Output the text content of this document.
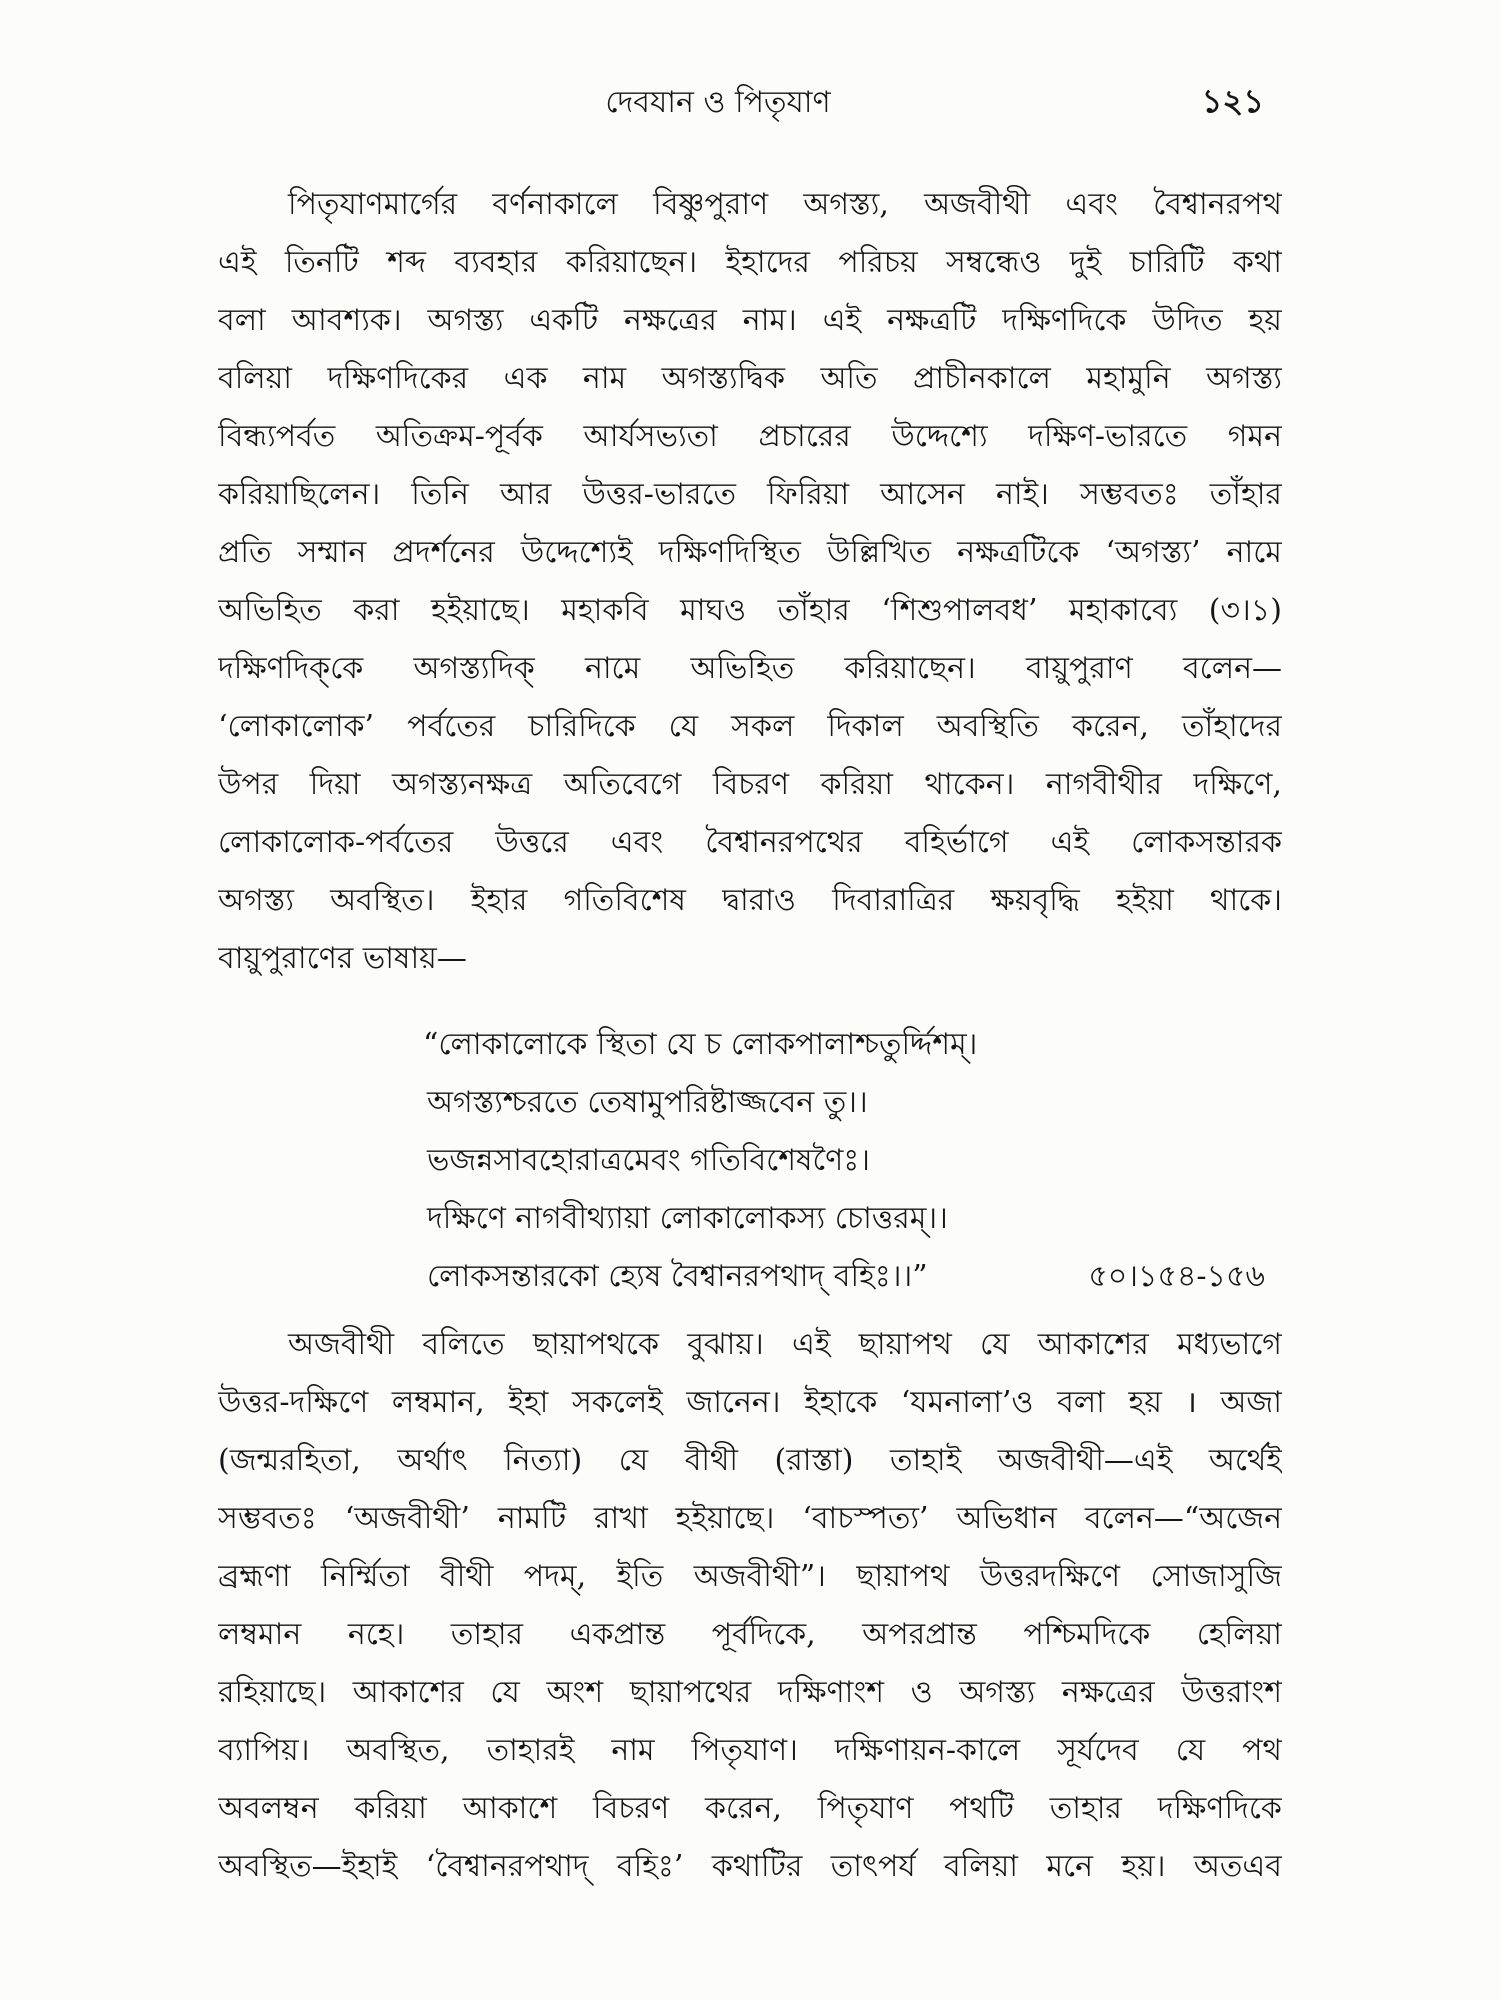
দেবযান ও পিতৃযাণ	১২১
পিতৃযাণমার্গের বর্ণনাকালে বিষ্ণুপুরাণ অগস্ত্য, অজবীথী এবং বৈশ্বানরপথ
এই তিনটি শব্দ ব্যবহার করিয়াছেন। ইহাদের পরিচয় সম্বন্ধেও দুই চারিটি কথা
বলা আবশ্যক। অগস্ত্য একটি নক্ষত্রের নাম। এই নক্ষত্রটি দক্ষিণদিকে উদিত হয়
বলিয়া দক্ষিণদিকের এক নাম অগস্ত্যদ্বিক অতি প্রাচীনকালে মহামুনি অগস্ত্য
বিন্ধ্যপর্বত অতিক্রম-পূর্বক আর্যসভ্যতা প্রচারের উদ্দেশ্যে দক্ষিণ-ভারতে গমন
করিয়াছিলেন। তিনি আর উত্তর-ভারতে ফিরিয়া আসেন নাই। সম্ভবতঃ তাঁহার
প্রতি সম্মান প্রদর্শনের উদ্দেশ্যেই দক্ষিণদিস্থিত উল্লিখিত নক্ষত্রটিকে ‘অগস্ত্য’ নামে
অভিহিত করা হইয়াছে। মহাকবি মাঘও তাঁহার ‘শিশুপালবধ’ মহাকাব্যে (৩।১)
দক্ষিণদিক্‌কে অগস্ত্যদিক্ নামে অভিহিত করিয়াছেন। বায়ুপুরাণ বলেন—
‘লোকালোক’ পর্বতের চারিদিকে যে সকল দিকাল অবস্থিতি করেন, তাঁহাদের
উপর দিয়া অগস্ত্যনক্ষত্র অতিবেগে বিচরণ করিয়া থাকেন। নাগবীথীর দক্ষিণে,
লোকালোক-পর্বতের উত্তরে এবং বৈশ্বানরপথের বহির্ভাগে এই লোকসন্তারক
অগস্ত্য অবস্থিত। ইহার গতিবিশেষ দ্বারাও দিবারাত্রির ক্ষয়বৃদ্ধি হইয়া থাকে।
বায়ুপুরাণের ভাষায়—
“লোকালোকে স্থিতা যে চ লোকপালাশ্চতুর্দ্দিশম্।
অগস্ত্যশ্চরতে তেষামুপরিষ্টাজ্জবেন তু।।
ভজন্নসাবহোরাত্রমেবং গতিবিশেষণৈঃ।
দক্ষিণে নাগবীথ্যায়া লোকালোকস্য চোত্তরম্।।
লোকসন্তারকো হ্যেষ বৈশ্বানরপথাদ্ বহিঃ।।”	৫০।১৫৪-১৫৬
অজবীথী বলিতে ছায়াপথকে বুঝায়। এই ছায়াপথ যে আকাশের মধ্যভাগে
উত্তর-দক্ষিণে লম্বমান, ইহা সকলেই জানেন। ইহাকে ‘যমনালা’ও বলা হয় । অজা
(জন্মরহিতা, অর্থাৎ নিত্যা) যে বীথী (রাস্তা) তাহাই অজবীথী—এই অর্থেই
সম্ভবতঃ ‘অজবীথী’ নামটি রাখা হইয়াছে। ‘বাচস্পত্য’ অভিধান বলেন—“অজেন
ব্রহ্মণা নির্ম্মিতা বীথী পদম্, ইতি অজবীথী”। ছায়াপথ উত্তরদক্ষিণে সোজাসুজি
লম্বমান নহে। তাহার একপ্রান্ত পূর্বদিকে, অপরপ্রান্ত পশ্চিমদিকে হেলিয়া
রহিয়াছে। আকাশের যে অংশ ছায়াপথের দক্ষিণাংশ ও অগস্ত্য নক্ষত্রের উত্তরাংশ
ব্যাপিয়। অবস্থিত, তাহারই নাম পিতৃযাণ। দক্ষিণায়ন-কালে সূর্যদেব যে পথ
অবলম্বন করিয়া আকাশে বিচরণ করেন, পিতৃযাণ পথটি তাহার দক্ষিণদিকে
অবস্থিত—ইহাই ‘বৈশ্বানরপথাদ্ বহিঃ’ কথাটির তাৎপর্য বলিয়া মনে হয়। অতএব
